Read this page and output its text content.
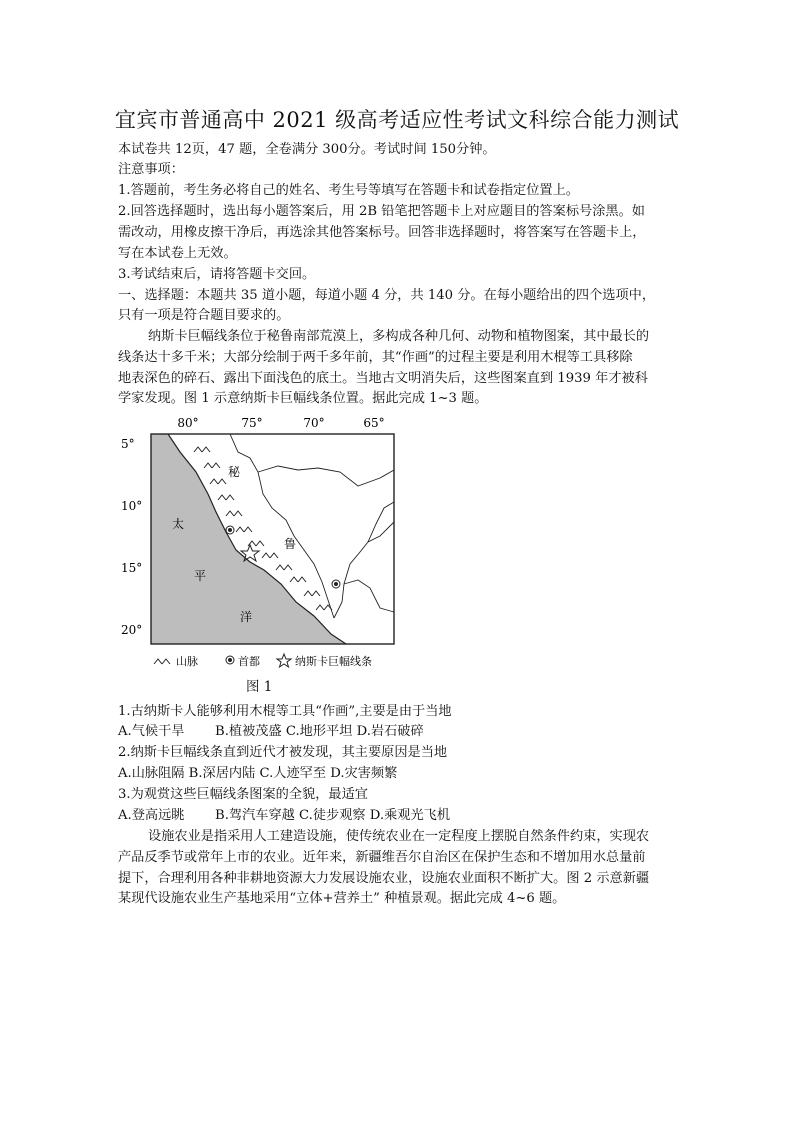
宜宾市普通高中 2021 级高考适应性考试文科综合能力测试
本试卷共 12页，47 题，全卷满分 300分。考试时间 150分钟。
注意事项：
1.答题前，考生务必将自己的姓名、考生号等填写在答题卡和试卷指定位置上。
2.回答选择题时，选出每小题答案后，用 2B 铅笔把答题卡上对应题目的答案标号涂黑。如
需改动，用橡皮擦干净后，再选涂其他答案标号。回答非选择题时，将答案写在答题卡上，
写在本试卷上无效。
3.考试结束后，请将答题卡交回。
一、选择题：本题共 35 道小题，每道小题 4 分，共 140 分。在每小题给出的四个选项中，
只有一项是符合题目要求的。
纳斯卡巨幅线条位于秘鲁南部荒漠上，多构成各种几何、动物和植物图案，其中最长的
线条达十多千米；大部分绘制于两千多年前，其“作画”的过程主要是利用木棍等工具移除
地表深色的碎石、露出下面浅色的底土。当地古文明消失后，这些图案直到 1939 年才被科
学家发现。图 1 示意纳斯卡巨幅线条位置。据此完成 1~3 题。
80°	75°	70°	65°
5°
10°
15°
20°
秘
鲁
太
平
洋
山脉	首都	纳斯卡巨幅线条
图 1
1.古纳斯卡人能够利用木棍等工具“作画”,主要是由于当地
A.气候干旱　　 B.植被茂盛 C.地形平坦 D.岩石破碎
2.纳斯卡巨幅线条直到近代才被发现，其主要原因是当地
A.山脉阻隔 B.深居内陆 C.人迹罕至 D.灾害频繁
3.为观赏这些巨幅线条图案的全貌，最适宜
A.登高远眺　　 B.驾汽车穿越 C.徒步观察 D.乘观光飞机
设施农业是指采用人工建造设施，使传统农业在一定程度上摆脱自然条件约束，实现农
产品反季节或常年上市的农业。近年来，新疆维吾尔自治区在保护生态和不增加用水总量前
提下，合理利用各种非耕地资源大力发展设施农业，设施农业面积不断扩大。图 2 示意新疆
某现代设施农业生产基地采用“立体+营养土” 种植景观。据此完成 4~6 题。
